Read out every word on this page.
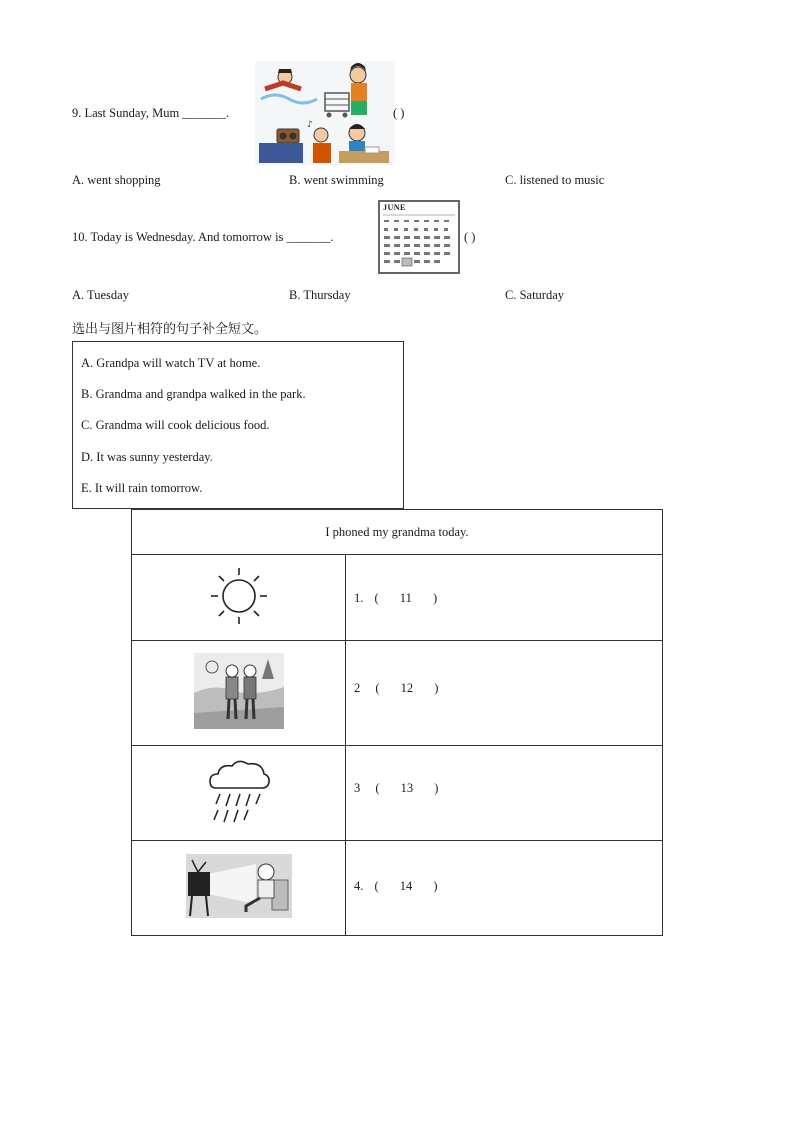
9. Last Sunday, Mum _______.
♪
( )
A. went shopping	B. went swimming	C. listened to music
10. Today is Wednesday. And tomorrow is _______.
JUNE
( )
A. Tuesday	B. Thursday	C. Saturday
选出与图片相符的句子补全短文。
A. Grandpa will watch TV at home.
B. Grandma and grandpa walked in the park.
C. Grandma will cook delicious food.
D. It was sunny yesterday.
E. It will rain tomorrow.
I phoned my grandma today.	

1. ( 11 )

2 ( 12 )

3 ( 13 )

4. ( 14 )
